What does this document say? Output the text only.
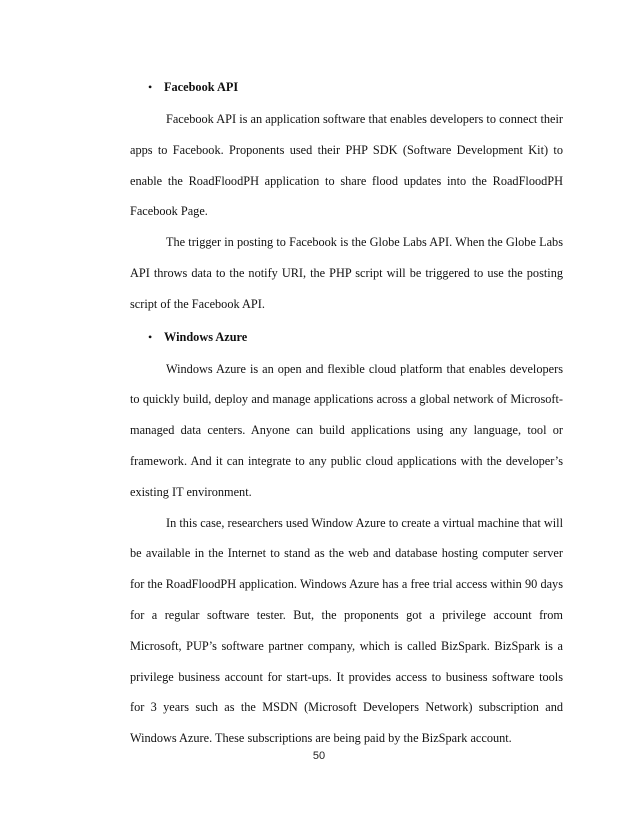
• Facebook API

Facebook API is an application software that enables developers to connect their apps to Facebook. Proponents used their PHP SDK (Software Development Kit) to enable the RoadFloodPH application to share flood updates into the RoadFloodPH Facebook Page.

The trigger in posting to Facebook is the Globe Labs API. When the Globe Labs API throws data to the notify URI, the PHP script will be triggered to use the posting script of the Facebook API.

• Windows Azure

Windows Azure is an open and flexible cloud platform that enables developers to quickly build, deploy and manage applications across a global network of Microsoft-managed data centers. Anyone can build applications using any language, tool or framework. And it can integrate to any public cloud applications with the developer’s existing IT environment.

In this case, researchers used Window Azure to create a virtual machine that will be available in the Internet to stand as the web and database hosting computer server for the RoadFloodPH application. Windows Azure has a free trial access within 90 days for a regular software tester. But, the proponents got a privilege account from Microsoft, PUP’s software partner company, which is called BizSpark. BizSpark is a privilege business account for start-ups. It provides access to business software tools for 3 years such as the MSDN (Microsoft Developers Network) subscription and Windows Azure. These subscriptions are being paid by the BizSpark account.

50
